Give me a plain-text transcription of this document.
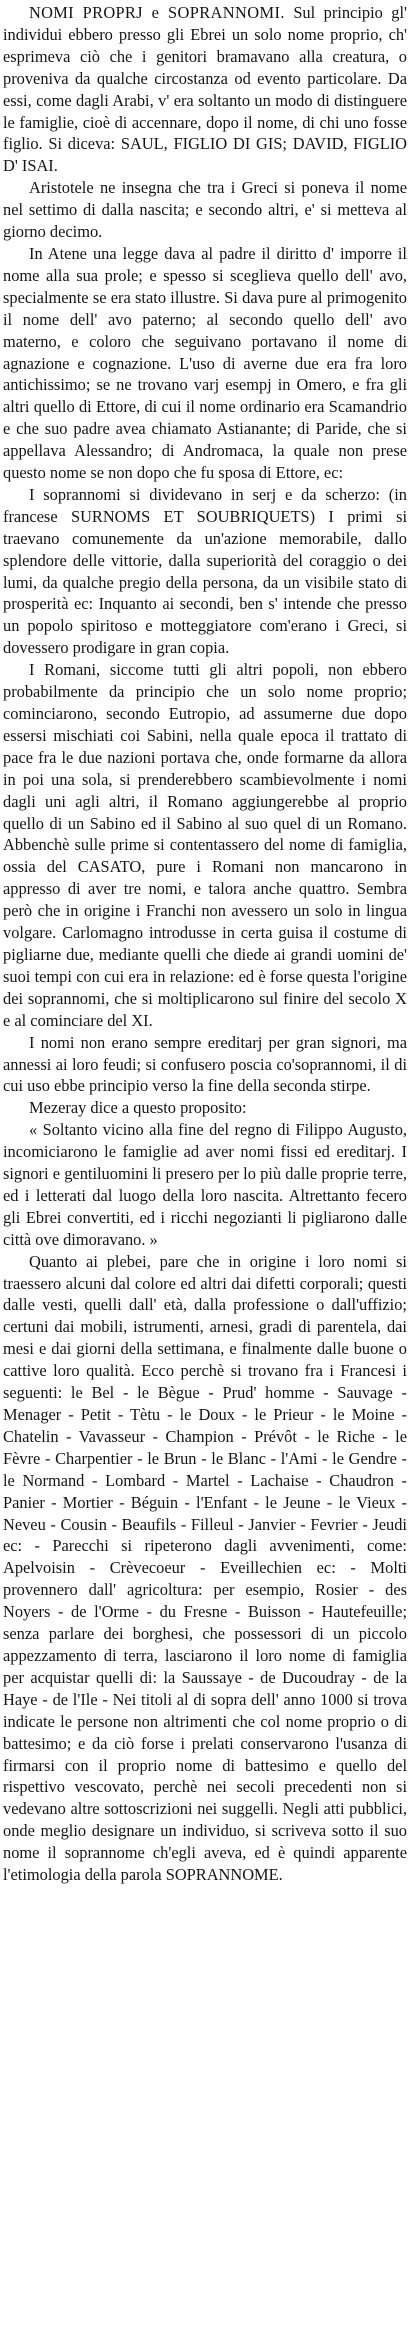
NOMI PROPRJ e SOPRANNOMI. Sul principio gl' individui ebbero presso gli Ebrei un solo nome proprio, ch' esprimeva ciò che i genitori bramavano alla creatura, o proveniva da qualche circostanza od evento particolare. Da essi, come dagli Arabi, v' era soltanto un modo di distinguere le famiglie, cioè di accennare, dopo il nome, di chi uno fosse figlio. Si diceva: SAUL, FIGLIO DI GIS; DAVID, FIGLIO D' ISAI.

Aristotele ne insegna che tra i Greci si poneva il nome nel settimo di dalla nascita; e secondo altri, e' si metteva al giorno decimo.

In Atene una legge dava al padre il diritto d' imporre il nome alla sua prole; e spesso si sceglieva quello dell' avo, specialmente se era stato illustre. Si dava pure al primogenito il nome dell' avo paterno; al secondo quello dell' avo materno, e coloro che seguivano portavano il nome di agnazione e cognazione. L'uso di averne due era fra loro antichissimo; se ne trovano varj esempj in Omero, e fra gli altri quello di Ettore, di cui il nome ordinario era Scamandrio e che suo padre avea chiamato Astianante; di Paride, che si appellava Alessandro; di Andromaca, la quale non prese questo nome se non dopo che fu sposa di Ettore, ec:

I soprannomi si dividevano in serj e da scherzo: (in francese SURNOMS ET SOUBRIQUETS) I primi si traevano comunemente da un'azione memorabile, dallo splendore delle vittorie, dalla superiorità del coraggio o dei lumi, da qualche pregio della persona, da un visibile stato di prosperità ec: Inquanto ai secondi, ben s' intende che presso un popolo spiritoso e motteggiatore com'erano i Greci, si dovessero prodigare in gran copia.

I Romani, siccome tutti gli altri popoli, non ebbero probabilmente da principio che un solo nome proprio; cominciarono, secondo Eutropio, ad assumerne due dopo essersi mischiati coi Sabini, nella quale epoca il trattato di pace fra le due nazioni portava che, onde formarne da allora in poi una sola, si prenderebbero scambievolmente i nomi dagli uni agli altri, il Romano aggiungerebbe al proprio quello di un Sabino ed il Sabino al suo quel di un Romano. Abbenchè sulle prime si contentassero del nome di famiglia, ossia del CASATO, pure i Romani non mancarono in appresso di aver tre nomi, e talora anche quattro. Sembra però che in origine i Franchi non avessero un solo in lingua volgare. Carlomagno introdusse in certa guisa il costume di pigliarne due, mediante quelli che diede ai grandi uomini de' suoi tempi con cui era in relazione: ed è forse questa l'origine dei soprannomi, che si moltiplicarono sul finire del secolo X e al cominciare del XI.

I nomi non erano sempre ereditarj per gran signori, ma annessi ai loro feudi; si confusero poscia co'soprannomi, il di cui uso ebbe principio verso la fine della seconda stirpe.

Mezeray dice a questo proposito:

« Soltanto vicino alla fine del regno di Filippo Augusto, incomiciarono le famiglie ad aver nomi fissi ed ereditarj. I signori e gentiluomini li presero per lo più dalle proprie terre, ed i letterati dal luogo della loro nascita. Altrettanto fecero gli Ebrei convertiti, ed i ricchi negozianti li pigliarono dalle città ove dimoravano. »

Quanto ai plebei, pare che in origine i loro nomi si traessero alcuni dal colore ed altri dai difetti corporali; questi dalle vesti, quelli dall' età, dalla professione o dall'uffizio; certuni dai mobili, istrumenti, arnesi, gradi di parentela, dai mesi e dai giorni della settimana, e finalmente dalle buone o cattive loro qualità. Ecco perchè si trovano fra i Francesi i seguenti: le Bel - le Bègue - Prud' homme - Sauvage - Menager - Petit - Tètu - le Doux - le Prieur - le Moine - Chatelin - Vavasseur - Champion - Prévôt - le Riche - le Fèvre - Charpentier - le Brun - le Blanc - l'Ami - le Gendre - le Normand - Lombard - Martel - Lachaise - Chaudron - Panier - Mortier - Béguin - l'Enfant - le Jeune - le Vieux - Neveu - Cousin - Beaufils - Filleul - Janvier - Fevrier - Jeudi ec: - Parecchi si ripeterono dagli avvenimenti, come: Apelvoisin - Crèvecoeur - Eveillechien ec: - Molti provennero dall' agricoltura: per esempio, Rosier - des Noyers - de l'Orme - du Fresne - Buisson - Hautefeuille; senza parlare dei borghesi, che possessori di un piccolo appezzamento di terra, lasciarono il loro nome di famiglia per acquistar quelli di: la Saussaye - de Ducoudray - de la Haye - de l'Ile - Nei titoli al di sopra dell' anno 1000 si trova indicate le persone non altrimenti che col nome proprio o di battesimo; e da ciò forse i prelati conservarono l'usanza di firmarsi con il proprio nome di battesimo e quello del rispettivo vescovato, perchè nei secoli precedenti non si vedevano altre sottoscrizioni nei suggelli. Negli atti pubblici, onde meglio designare un individuo, si scriveva sotto il suo nome il soprannome ch'egli aveva, ed è quindi apparente l'etimologia della parola SOPRANNOME.
